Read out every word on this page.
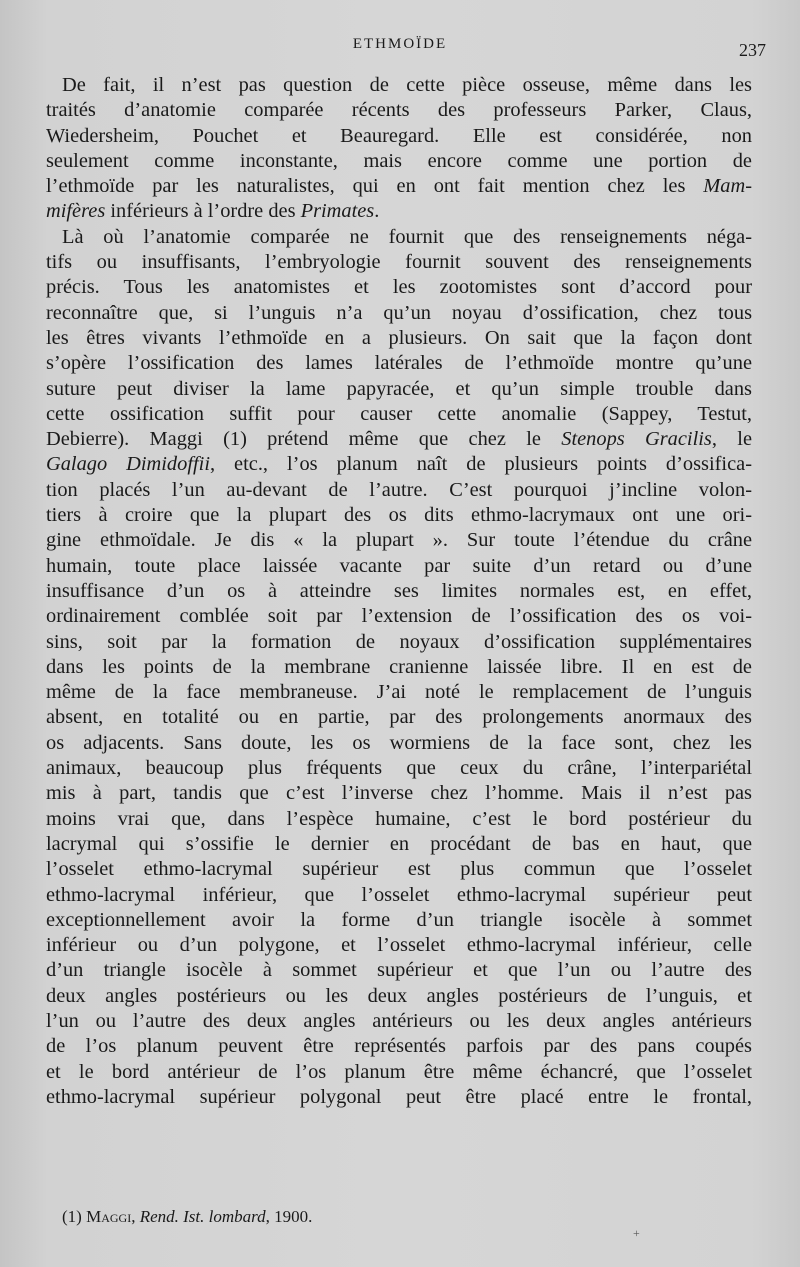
ETHMOÏDE	237
De fait, il n’est pas question de cette pièce osseuse, même dans les
traités d’anatomie comparée récents des professeurs Parker, Claus,
Wiedersheim, Pouchet et Beauregard. Elle est considérée, non
seulement comme inconstante, mais encore comme une portion de
l’ethmoïde par les naturalistes, qui en ont fait mention chez les Mam-
mifères inférieurs à l’ordre des Primates.
Là où l’anatomie comparée ne fournit que des renseignements néga-
tifs ou insuffisants, l’embryologie fournit souvent des renseignements
précis. Tous les anatomistes et les zootomistes sont d’accord pour
reconnaître que, si l’unguis n’a qu’un noyau d’ossification, chez tous
les êtres vivants l’ethmoïde en a plusieurs. On sait que la façon dont
s’opère l’ossification des lames latérales de l’ethmoïde montre qu’une
suture peut diviser la lame papyracée, et qu’un simple trouble dans
cette ossification suffit pour causer cette anomalie (Sappey, Testut,
Debierre). Maggi (1) prétend même que chez le Stenops Gracilis, le
Galago Dimidoffii, etc., l’os planum naît de plusieurs points d’ossifica-
tion placés l’un au-devant de l’autre. C’est pourquoi j’incline volon-
tiers à croire que la plupart des os dits ethmo-lacrymaux ont une ori-
gine ethmoïdale. Je dis « la plupart ». Sur toute l’étendue du crâne
humain, toute place laissée vacante par suite d’un retard ou d’une
insuffisance d’un os à atteindre ses limites normales est, en effet,
ordinairement comblée soit par l’extension de l’ossification des os voi-
sins, soit par la formation de noyaux d’ossification supplémentaires
dans les points de la membrane cranienne laissée libre. Il en est de
même de la face membraneuse. J’ai noté le remplacement de l’unguis
absent, en totalité ou en partie, par des prolongements anormaux des
os adjacents. Sans doute, les os wormiens de la face sont, chez les
animaux, beaucoup plus fréquents que ceux du crâne, l’interpariétal
mis à part, tandis que c’est l’inverse chez l’homme. Mais il n’est pas
moins vrai que, dans l’espèce humaine, c’est le bord postérieur du
lacrymal qui s’ossifie le dernier en procédant de bas en haut, que
l’osselet ethmo-lacrymal supérieur est plus commun que l’osselet
ethmo-lacrymal inférieur, que l’osselet ethmo-lacrymal supérieur peut
exceptionnellement avoir la forme d’un triangle isocèle à sommet
inférieur ou d’un polygone, et l’osselet ethmo-lacrymal inférieur, celle
d’un triangle isocèle à sommet supérieur et que l’un ou l’autre des
deux angles postérieurs ou les deux angles postérieurs de l’unguis, et
l’un ou l’autre des deux angles antérieurs ou les deux angles antérieurs
de l’os planum peuvent être représentés parfois par des pans coupés
et le bord antérieur de l’os planum être même échancré, que l’osselet
ethmo-lacrymal supérieur polygonal peut être placé entre le frontal,
(1) Maggi, Rend. Ist. lombard, 1900.
+
